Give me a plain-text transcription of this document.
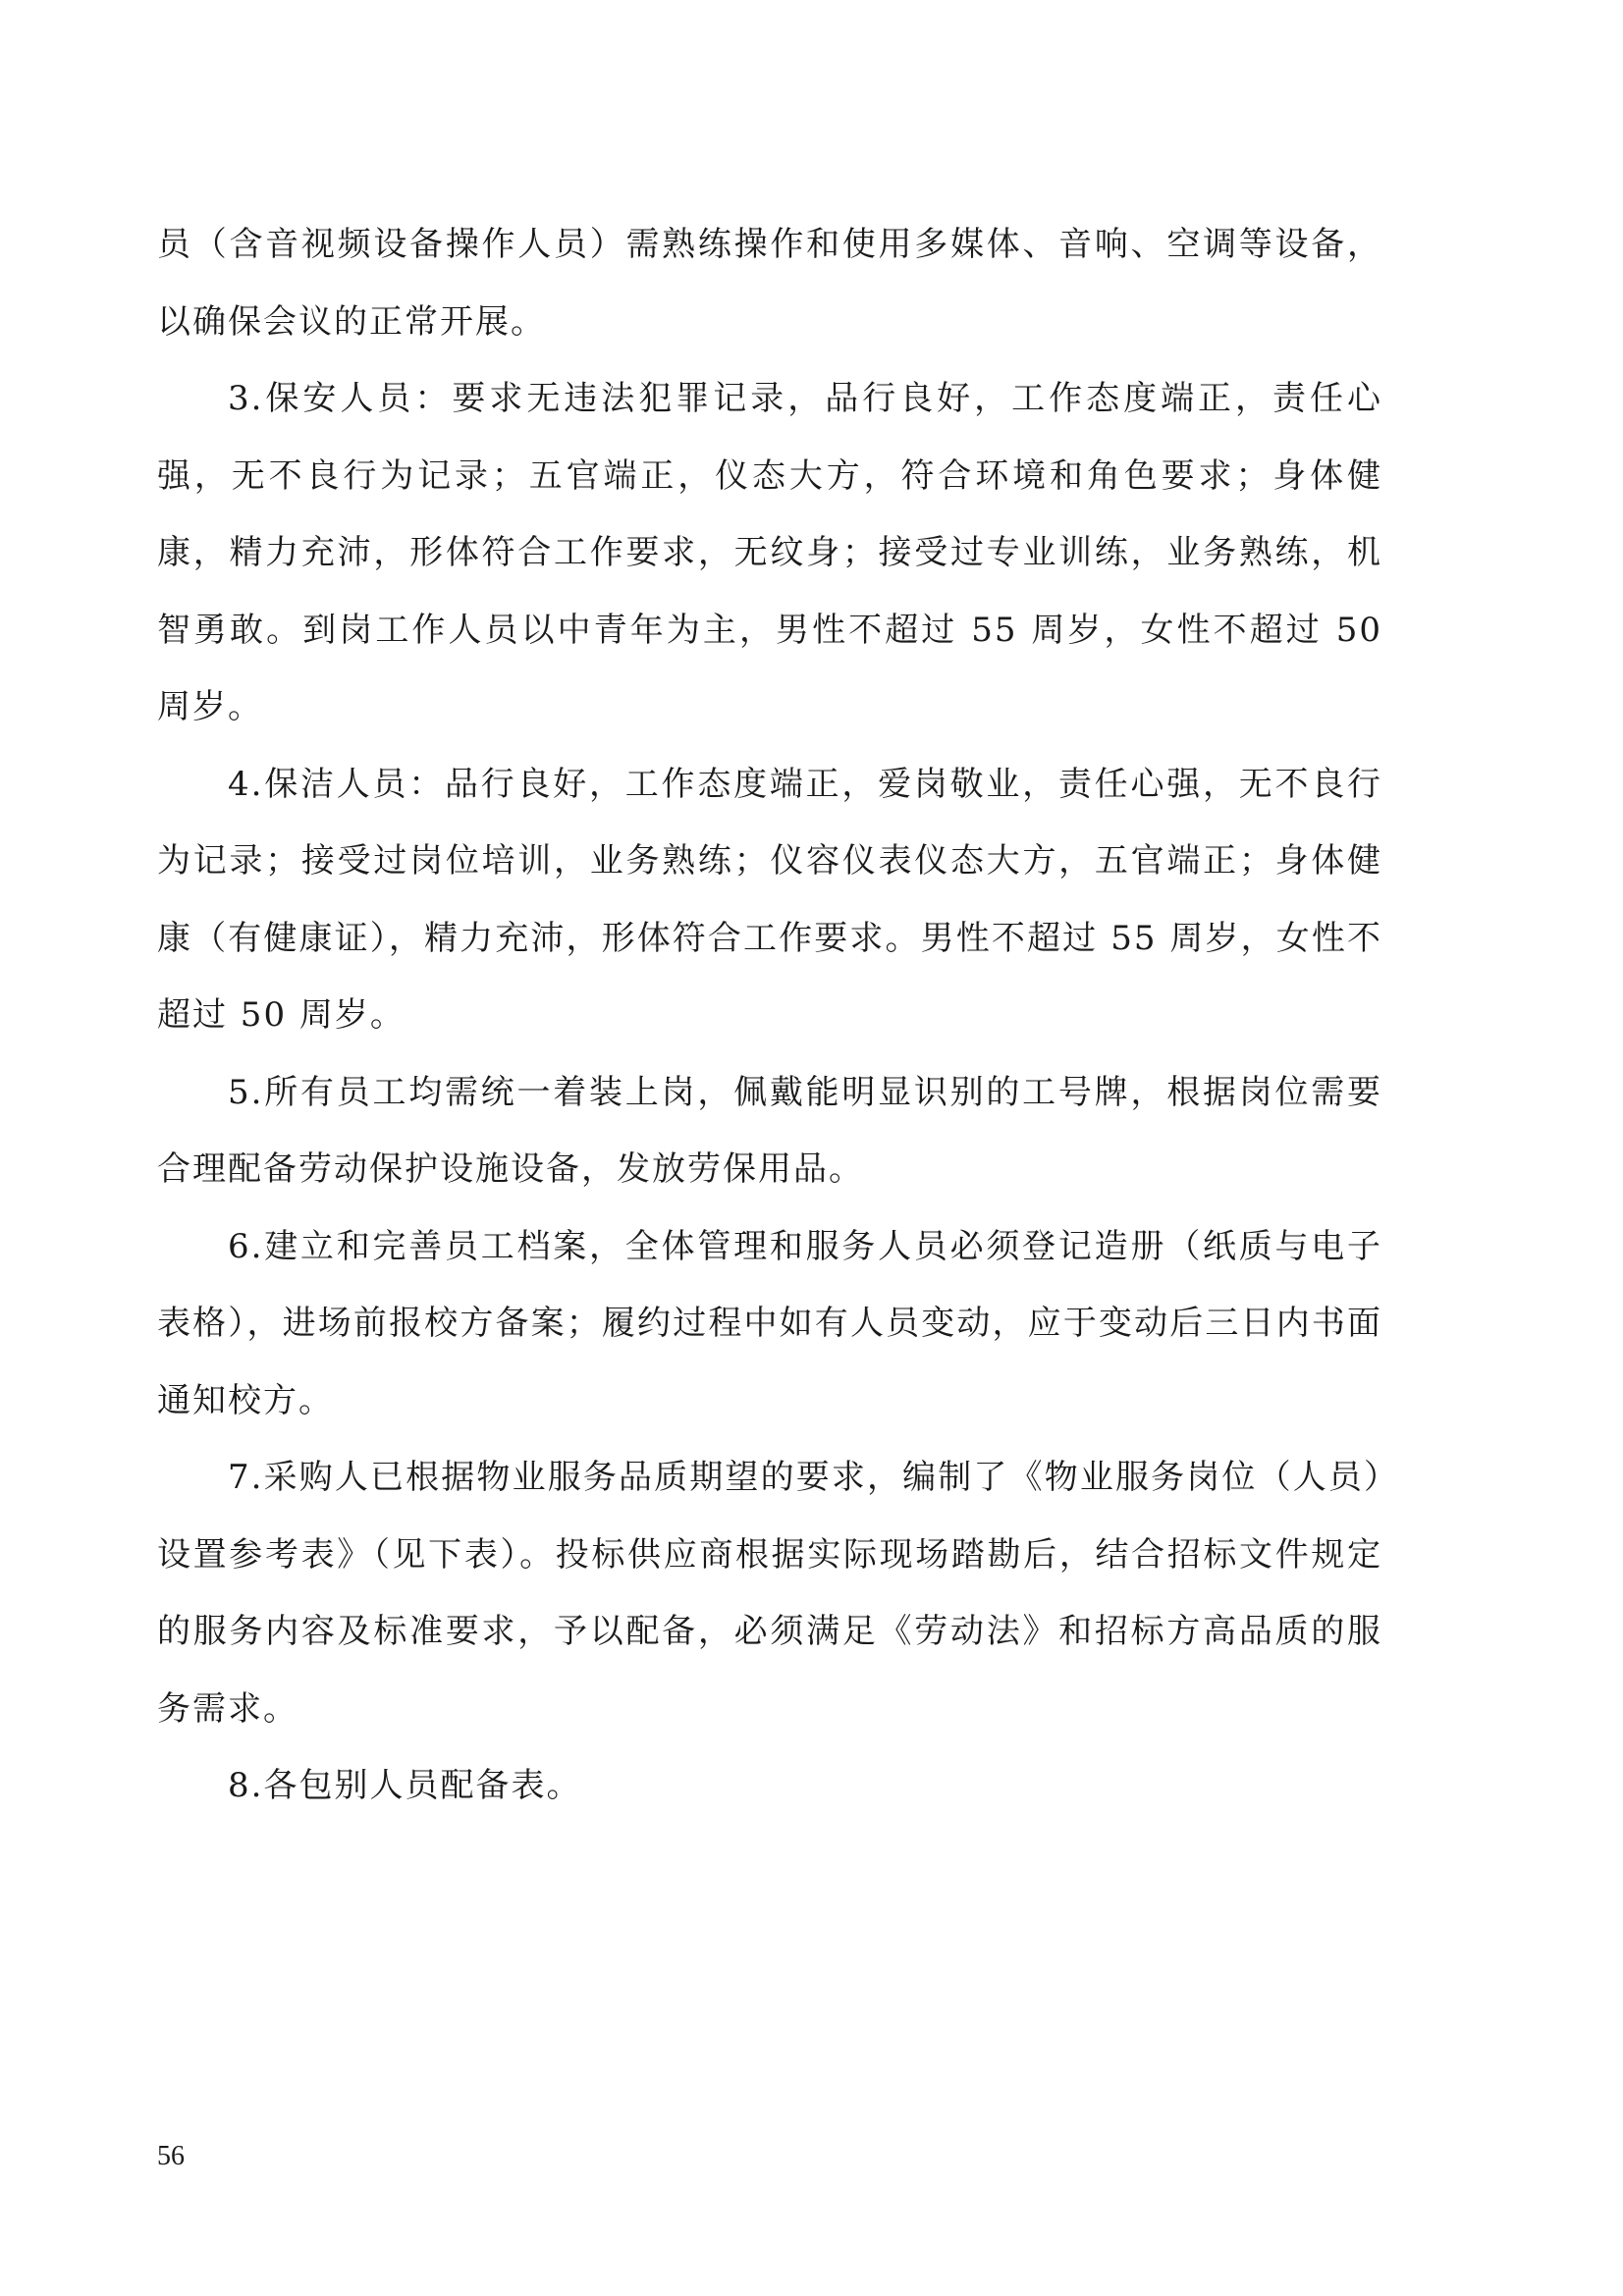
员（含音视频设备操作人员）需熟练操作和使用多媒体、音响、空调等设备，以确保会议的正常开展。

3.保安人员：要求无违法犯罪记录，品行良好，工作态度端正，责任心强，无不良行为记录；五官端正，仪态大方，符合环境和角色要求；身体健康，精力充沛，形体符合工作要求，无纹身；接受过专业训练，业务熟练，机智勇敢。到岗工作人员以中青年为主，男性不超过 55 周岁，女性不超过 50 周岁。

4.保洁人员：品行良好，工作态度端正，爱岗敬业，责任心强，无不良行为记录；接受过岗位培训，业务熟练；仪容仪表仪态大方，五官端正；身体健康（有健康证），精力充沛，形体符合工作要求。男性不超过 55 周岁，女性不超过 50 周岁。

5.所有员工均需统一着装上岗，佩戴能明显识别的工号牌，根据岗位需要合理配备劳动保护设施设备，发放劳保用品。

6.建立和完善员工档案，全体管理和服务人员必须登记造册（纸质与电子表格），进场前报校方备案；履约过程中如有人员变动，应于变动后三日内书面通知校方。

7.采购人已根据物业服务品质期望的要求，编制了《物业服务岗位（人员）设置参考表》（见下表）。投标供应商根据实际现场踏勘后，结合招标文件规定的服务内容及标准要求，予以配备，必须满足《劳动法》和招标方高品质的服务需求。

8.各包别人员配备表。

56
